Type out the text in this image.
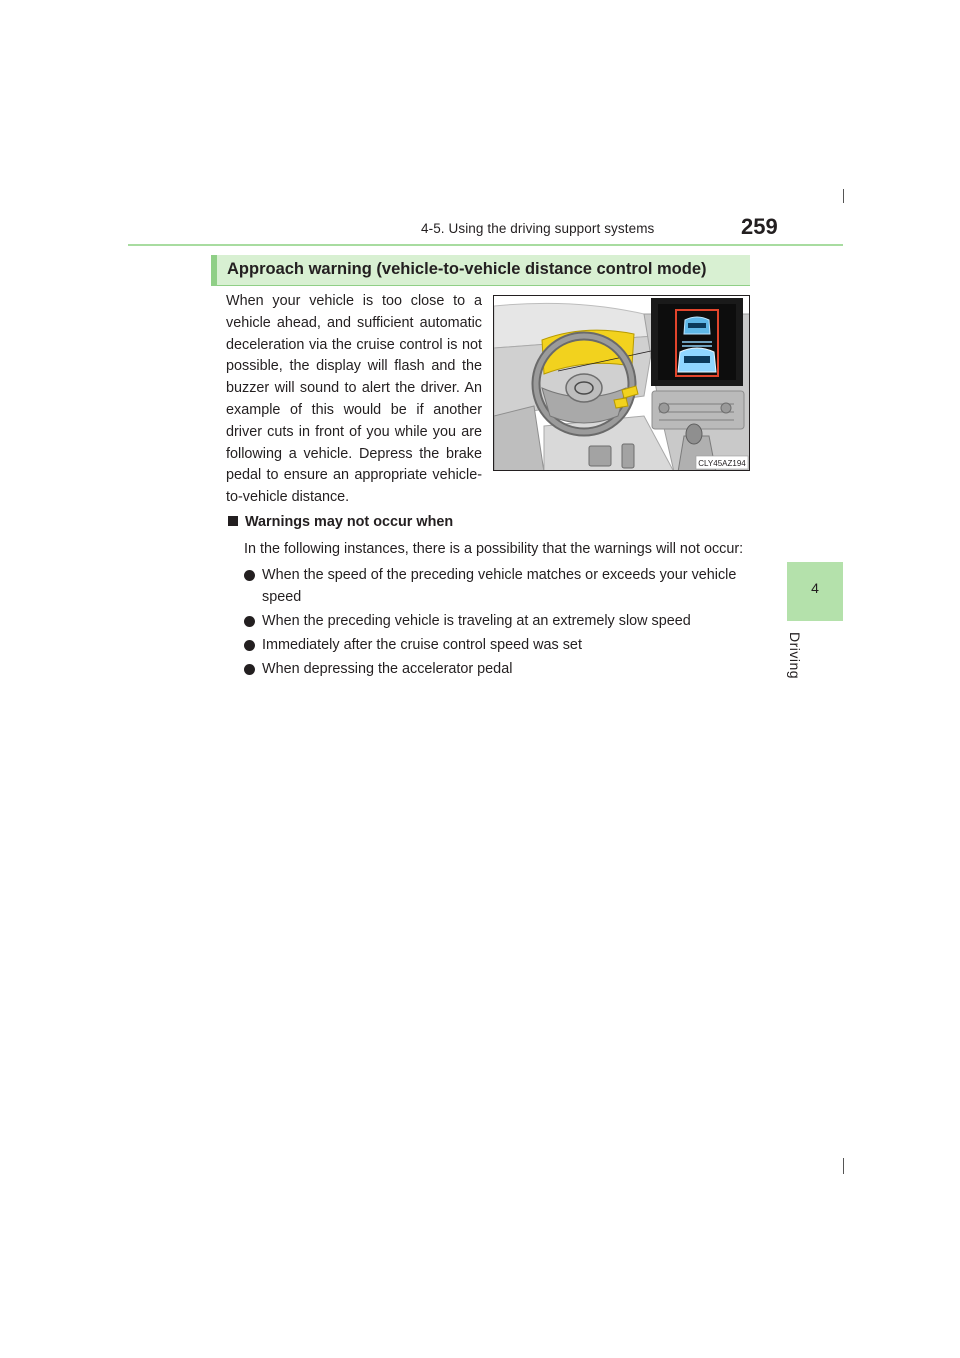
4-5. Using the driving support systems	259
4
Driving
Approach warning (vehicle-to-vehicle distance control mode)

When your vehicle is too close to a vehicle ahead, and sufficient automatic deceleration via the cruise control is not possible, the display will flash and the buzzer will sound to alert the driver. An example of this would be if another driver cuts in front of you while you are following a vehicle. Depress the brake pedal to ensure an appropriate vehicle-to-vehicle distance.

CLY45AZ194
Warnings may not occur when
In the following instances, there is a possibility that the warnings will not occur:
When the speed of the preceding vehicle matches or exceeds your vehicle speed
When the preceding vehicle is traveling at an extremely slow speed
Immediately after the cruise control speed was set
When depressing the accelerator pedal
